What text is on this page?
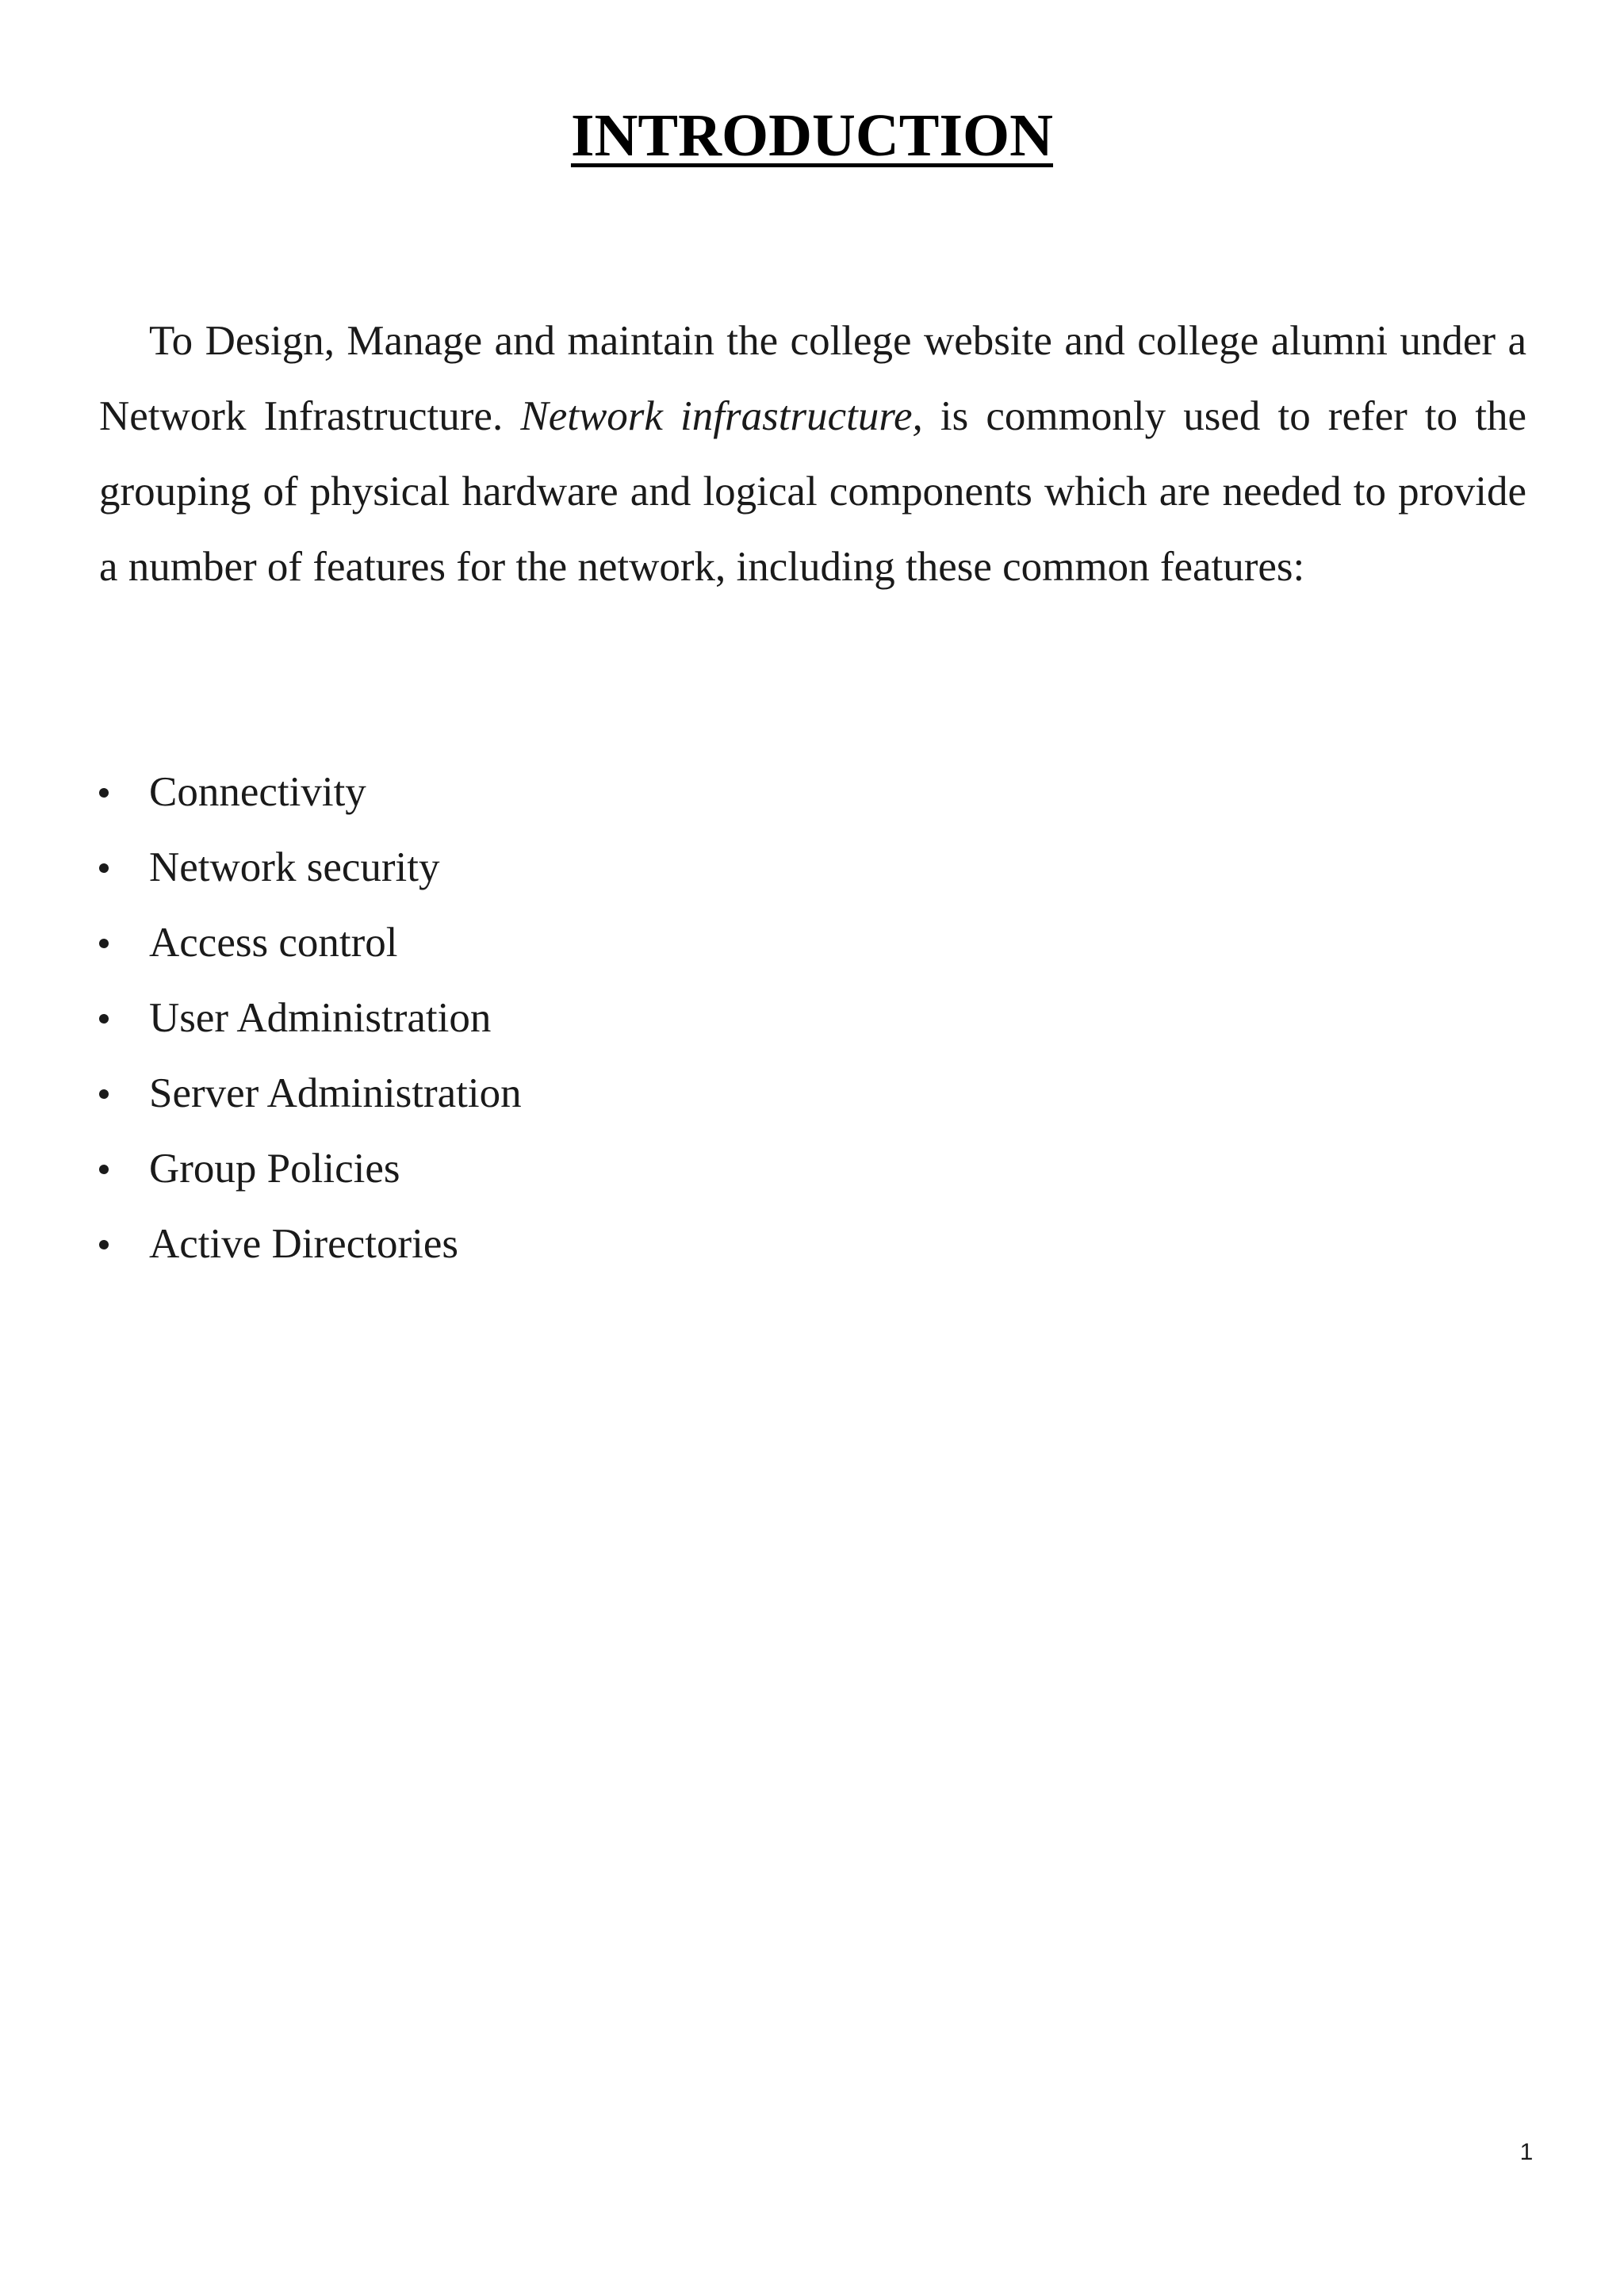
INTRODUCTION

To Design, Manage and maintain the college website and college alumni under a Network Infrastructure. Network infrastructure, is commonly used to refer to the grouping of physical hardware and logical components which are needed to provide a number of features for the network, including these common features:

Connectivity
Network security
Access control
User Administration
Server Administration
Group Policies
Active Directories
1
